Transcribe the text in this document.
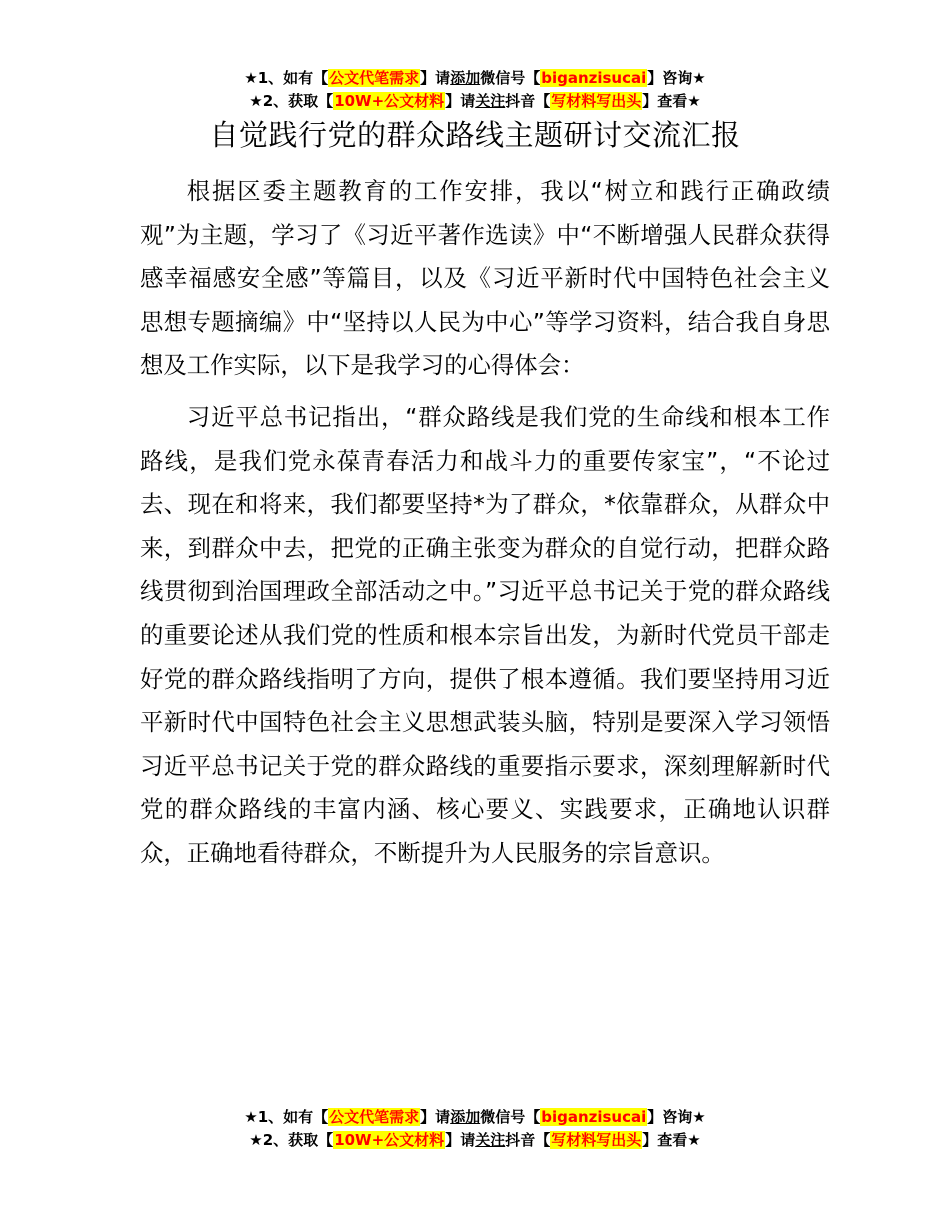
★1、如有【公文代笔需求】请添加微信号【biganzisucai】咨询★
★2、获取【10W+公文材料】请关注抖音【写材料写出头】查看★
自觉践行党的群众路线主题研讨交流汇报

根据区委主题教育的工作安排，我以“树立和践行正确政绩观”为主题，学习了《习近平著作选读》中“不断增强人民群众获得感幸福感安全感”等篇目，以及《习近平新时代中国特色社会主义思想专题摘编》中“坚持以人民为中心”等学习资料，结合我自身思想及工作实际，以下是我学习的心得体会：

习近平总书记指出，“群众路线是我们党的生命线和根本工作路线，是我们党永葆青春活力和战斗力的重要传家宝”，“不论过去、现在和将来，我们都要坚持*为了群众，*依靠群众，从群众中来，到群众中去，把党的正确主张变为群众的自觉行动，把群众路线贯彻到治国理政全部活动之中。”习近平总书记关于党的群众路线的重要论述从我们党的性质和根本宗旨出发，为新时代党员干部走好党的群众路线指明了方向，提供了根本遵循。我们要坚持用习近平新时代中国特色社会主义思想武装头脑，特别是要深入学习领悟习近平总书记关于党的群众路线的重要指示要求，深刻理解新时代党的群众路线的丰富内涵、核心要义、实践要求，正确地认识群众，正确地看待群众，不断提升为人民服务的宗旨意识。

★1、如有【公文代笔需求】请添加微信号【biganzisucai】咨询★
★2、获取【10W+公文材料】请关注抖音【写材料写出头】查看★
